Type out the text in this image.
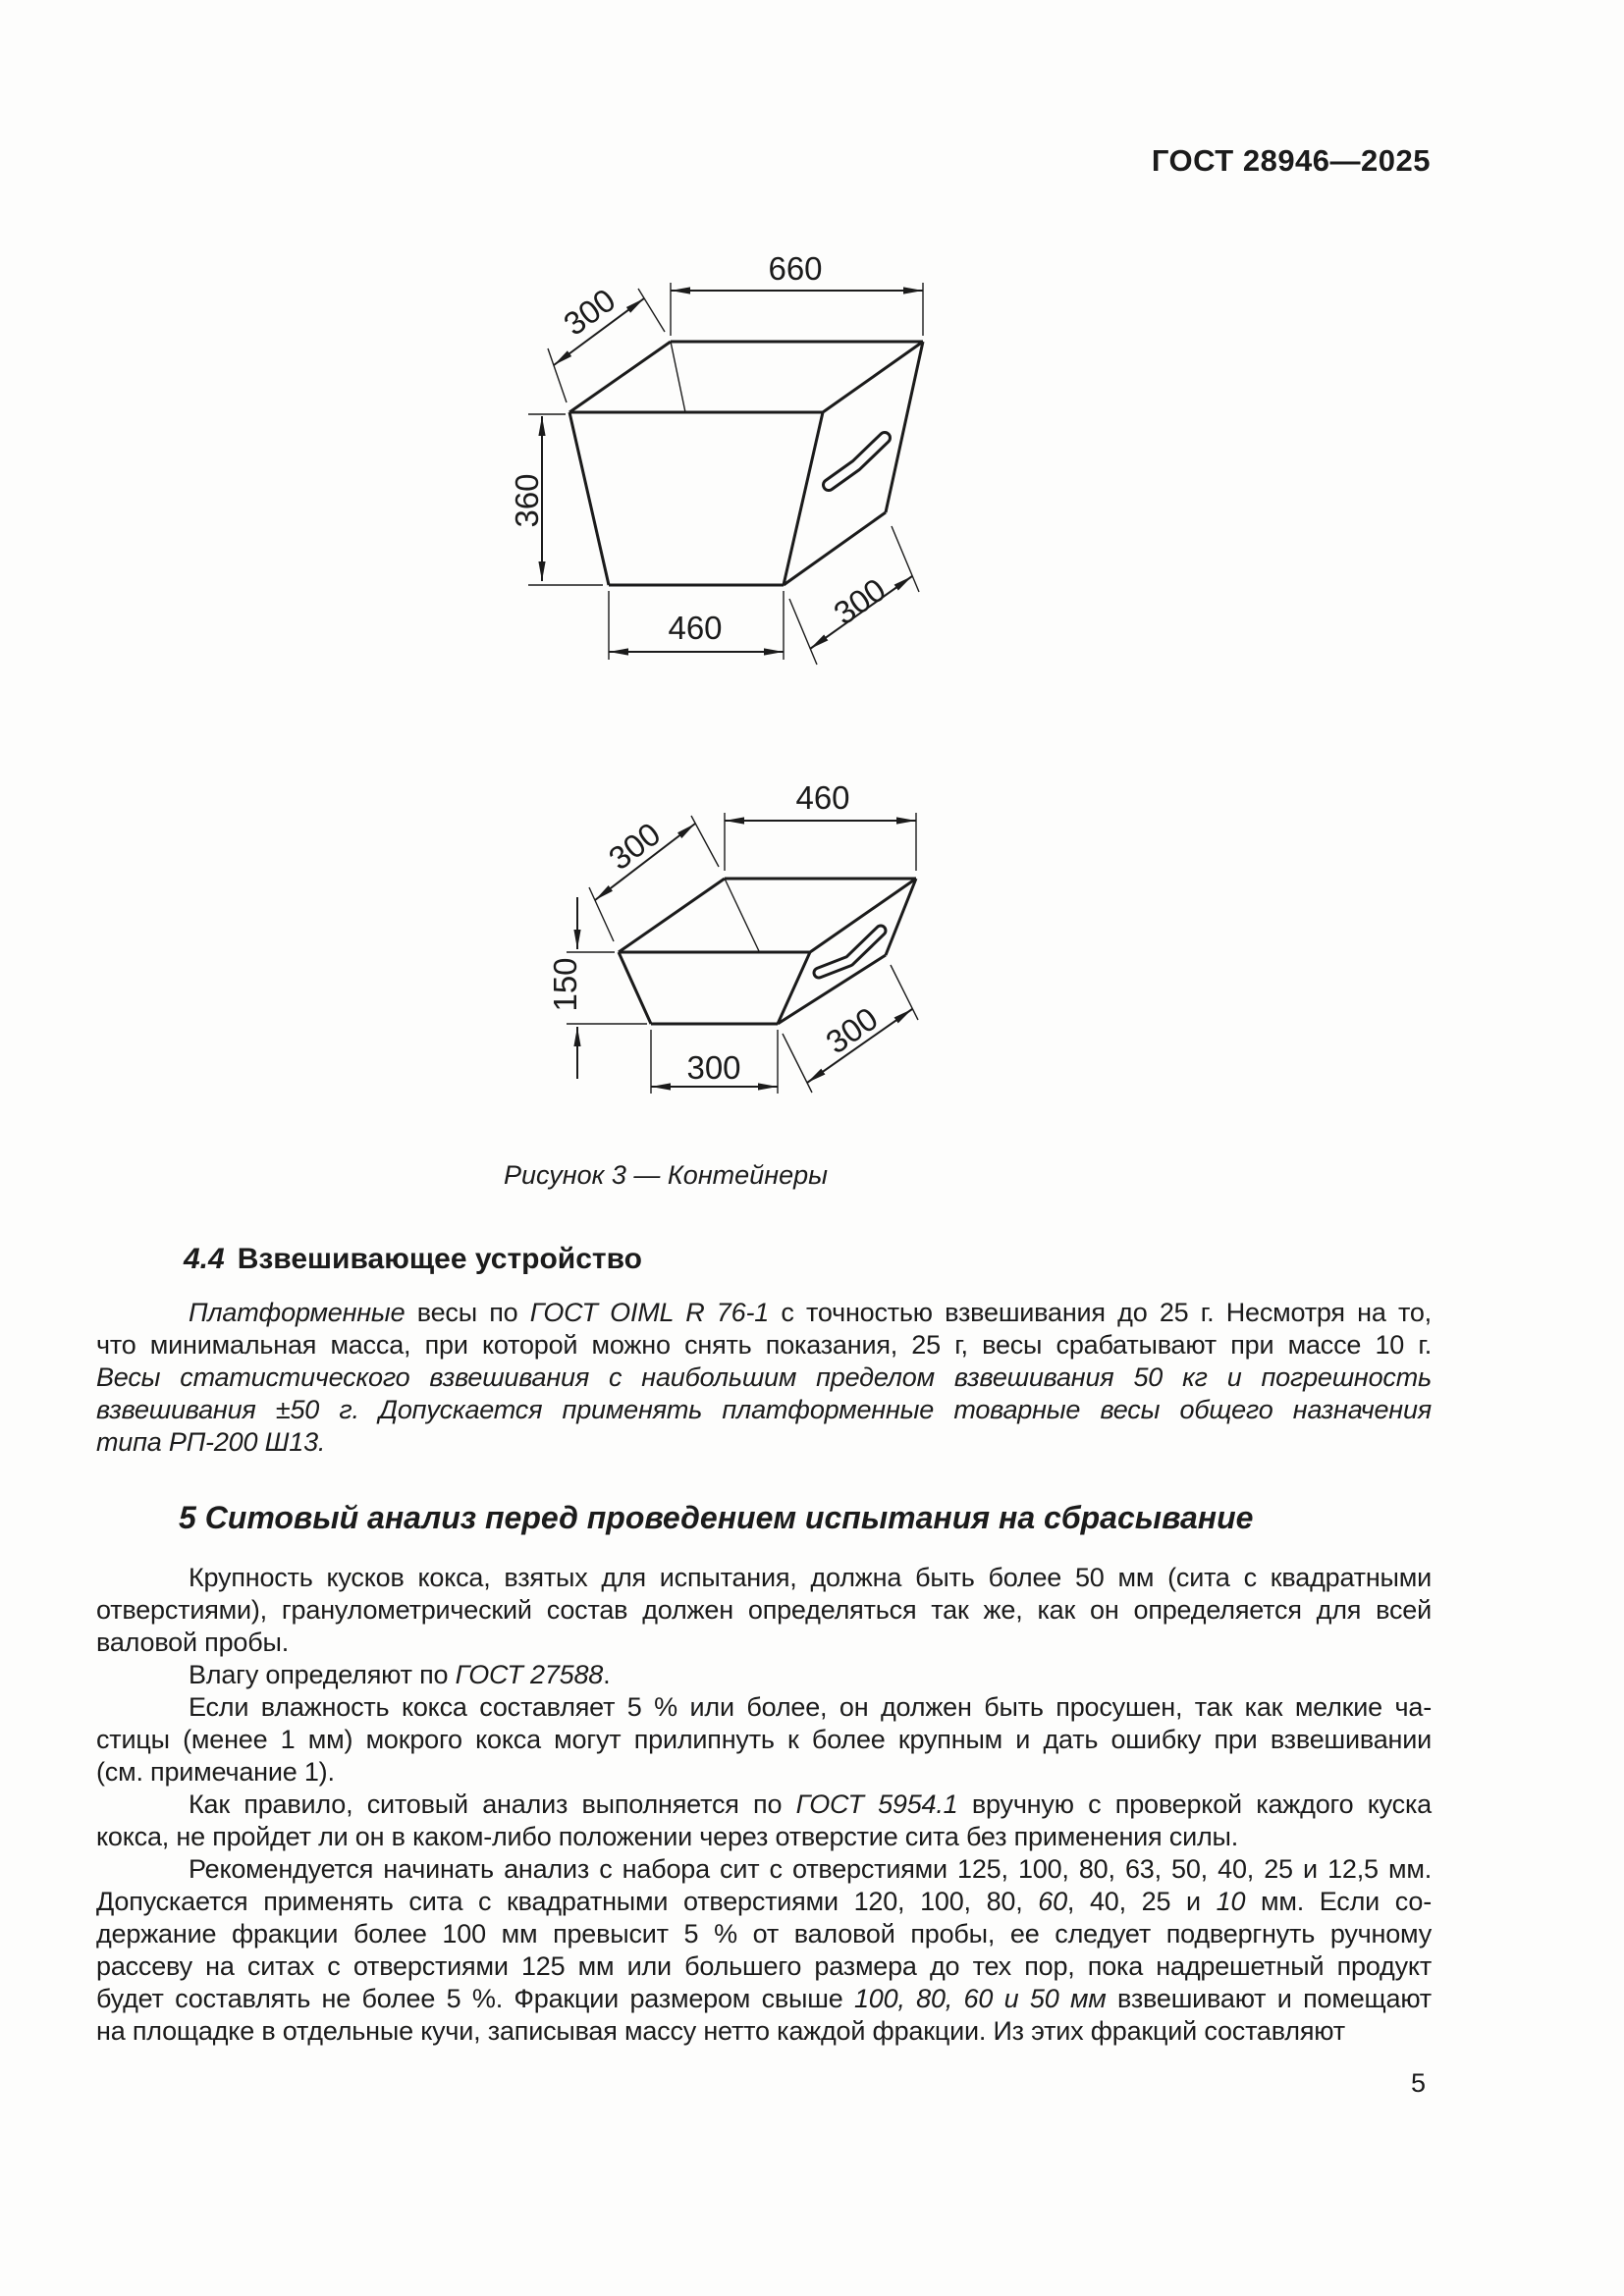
ГОСТ 28946—2025
660
300
360
460	300
460
300
150
300
300
Рисунок 3 — Контейнеры
4.4 Взвешивающее устройство
Платформенные весы по ГОСТ OIML R 76-1 с точностью взвешивания до 25 г. Несмотря на то,
что минимальная масса, при которой можно снять показания, 25 г, весы срабатывают при массе 10 г.
Весы статистического взвешивания с наибольшим пределом взвешивания 50 кг и погрешность
взвешивания ±50 г. Допускается применять платформенные товарные весы общего назначения
типа РП-200 Ш13.
5 Ситовый анализ перед проведением испытания на сбрасывание
Крупность кусков кокса, взятых для испытания, должна быть более 50 мм (сита с квадратными
отверстиями), гранулометрический состав должен определяться так же, как он определяется для всей
валовой пробы.
Влагу определяют по ГОСТ 27588.
Если влажность кокса составляет 5 % или более, он должен быть просушен, так как мелкие ча-
стицы (менее 1 мм) мокрого кокса могут прилипнуть к более крупным и дать ошибку при взвешивании
(см. примечание 1).
Как правило, ситовый анализ выполняется по ГОСТ 5954.1 вручную с проверкой каждого куска
кокса, не пройдет ли он в каком-либо положении через отверстие сита без применения силы.
Рекомендуется начинать анализ с набора сит с отверстиями 125, 100, 80, 63, 50, 40, 25 и 12,5 мм.
Допускается применять сита с квадратными отверстиями 120, 100, 80, 60, 40, 25 и 10 мм. Если со-
держание фракции более 100 мм превысит 5 % от валовой пробы, ее следует подвергнуть ручному
рассеву на ситах с отверстиями 125 мм или большего размера до тех пор, пока надрешетный продукт
будет составлять не более 5 %. Фракции размером свыше 100, 80, 60 и 50 мм взвешивают и помещают
на площадке в отдельные кучи, записывая массу нетто каждой фракции. Из этих фракций составляют
5
